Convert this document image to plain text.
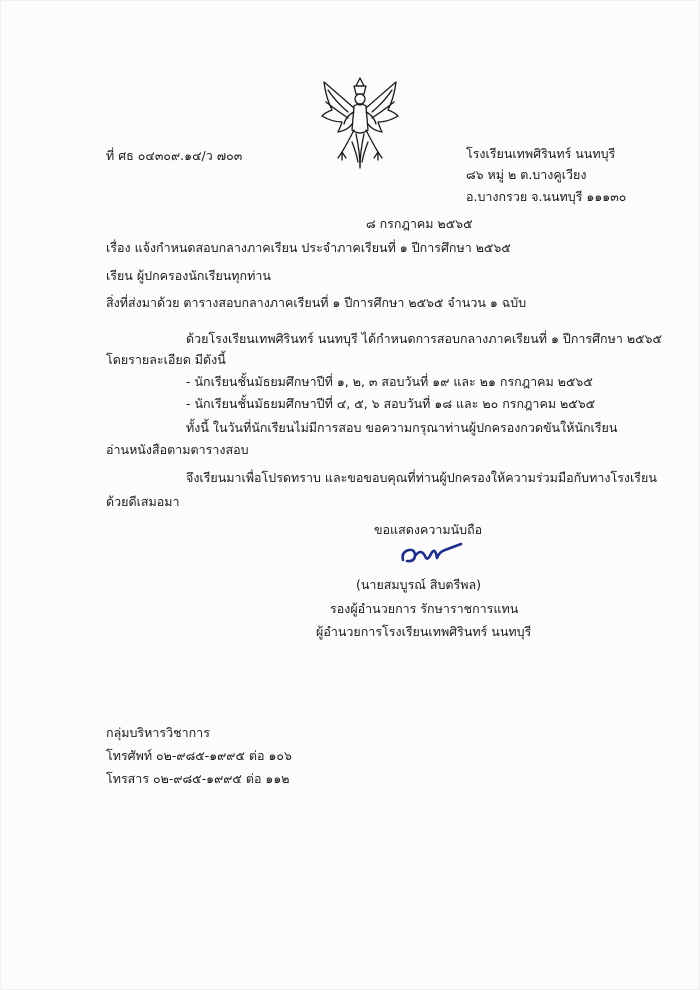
ที่ ศธ ๐๔๓๐๙.๑๔/ว ๗๐๓	โรงเรียนเทพศิรินทร์ นนทบุรี
๘๖ หมู่ ๒ ต.บางคูเวียง
อ.บางกรวย จ.นนทบุรี ๑๑๑๓๐
๘ กรกฎาคม ๒๕๖๕
เรื่อง แจ้งกำหนดสอบกลางภาคเรียน ประจำภาคเรียนที่ ๑ ปีการศึกษา ๒๕๖๕
เรียน ผู้ปกครองนักเรียนทุกท่าน
สิ่งที่ส่งมาด้วย ตารางสอบกลางภาคเรียนที่ ๑ ปีการศึกษา ๒๕๖๕ จำนวน ๑ ฉบับ
ด้วยโรงเรียนเทพศิรินทร์ นนทบุรี ได้กำหนดการสอบกลางภาคเรียนที่ ๑ ปีการศึกษา ๒๕๖๕
โดยรายละเอียด มีดังนี้
- นักเรียนชั้นมัธยมศึกษาปีที่ ๑, ๒, ๓ สอบวันที่ ๑๙ และ ๒๑ กรกฎาคม ๒๕๖๕
- นักเรียนชั้นมัธยมศึกษาปีที่ ๔, ๕, ๖ สอบวันที่ ๑๘ และ ๒๐ กรกฎาคม ๒๕๖๕
ทั้งนี้ ในวันที่นักเรียนไม่มีการสอบ ขอความกรุณาท่านผู้ปกครองกวดขันให้นักเรียน
อ่านหนังสือตามตารางสอบ
จึงเรียนมาเพื่อโปรดทราบ และขอขอบคุณที่ท่านผู้ปกครองให้ความร่วมมือกับทางโรงเรียน
ด้วยดีเสมอมา
ขอแสดงความนับถือ
(นายสมบูรณ์ สิบตรีพล)
รองผู้อำนวยการ รักษาราชการแทน
ผู้อำนวยการโรงเรียนเทพศิรินทร์ นนทบุรี
กลุ่มบริหารวิชาการ
โทรศัพท์ ๐๒-๙๘๕-๑๙๙๕ ต่อ ๑๐๖
โทรสาร ๐๒-๙๘๕-๑๙๙๕ ต่อ ๑๑๒
